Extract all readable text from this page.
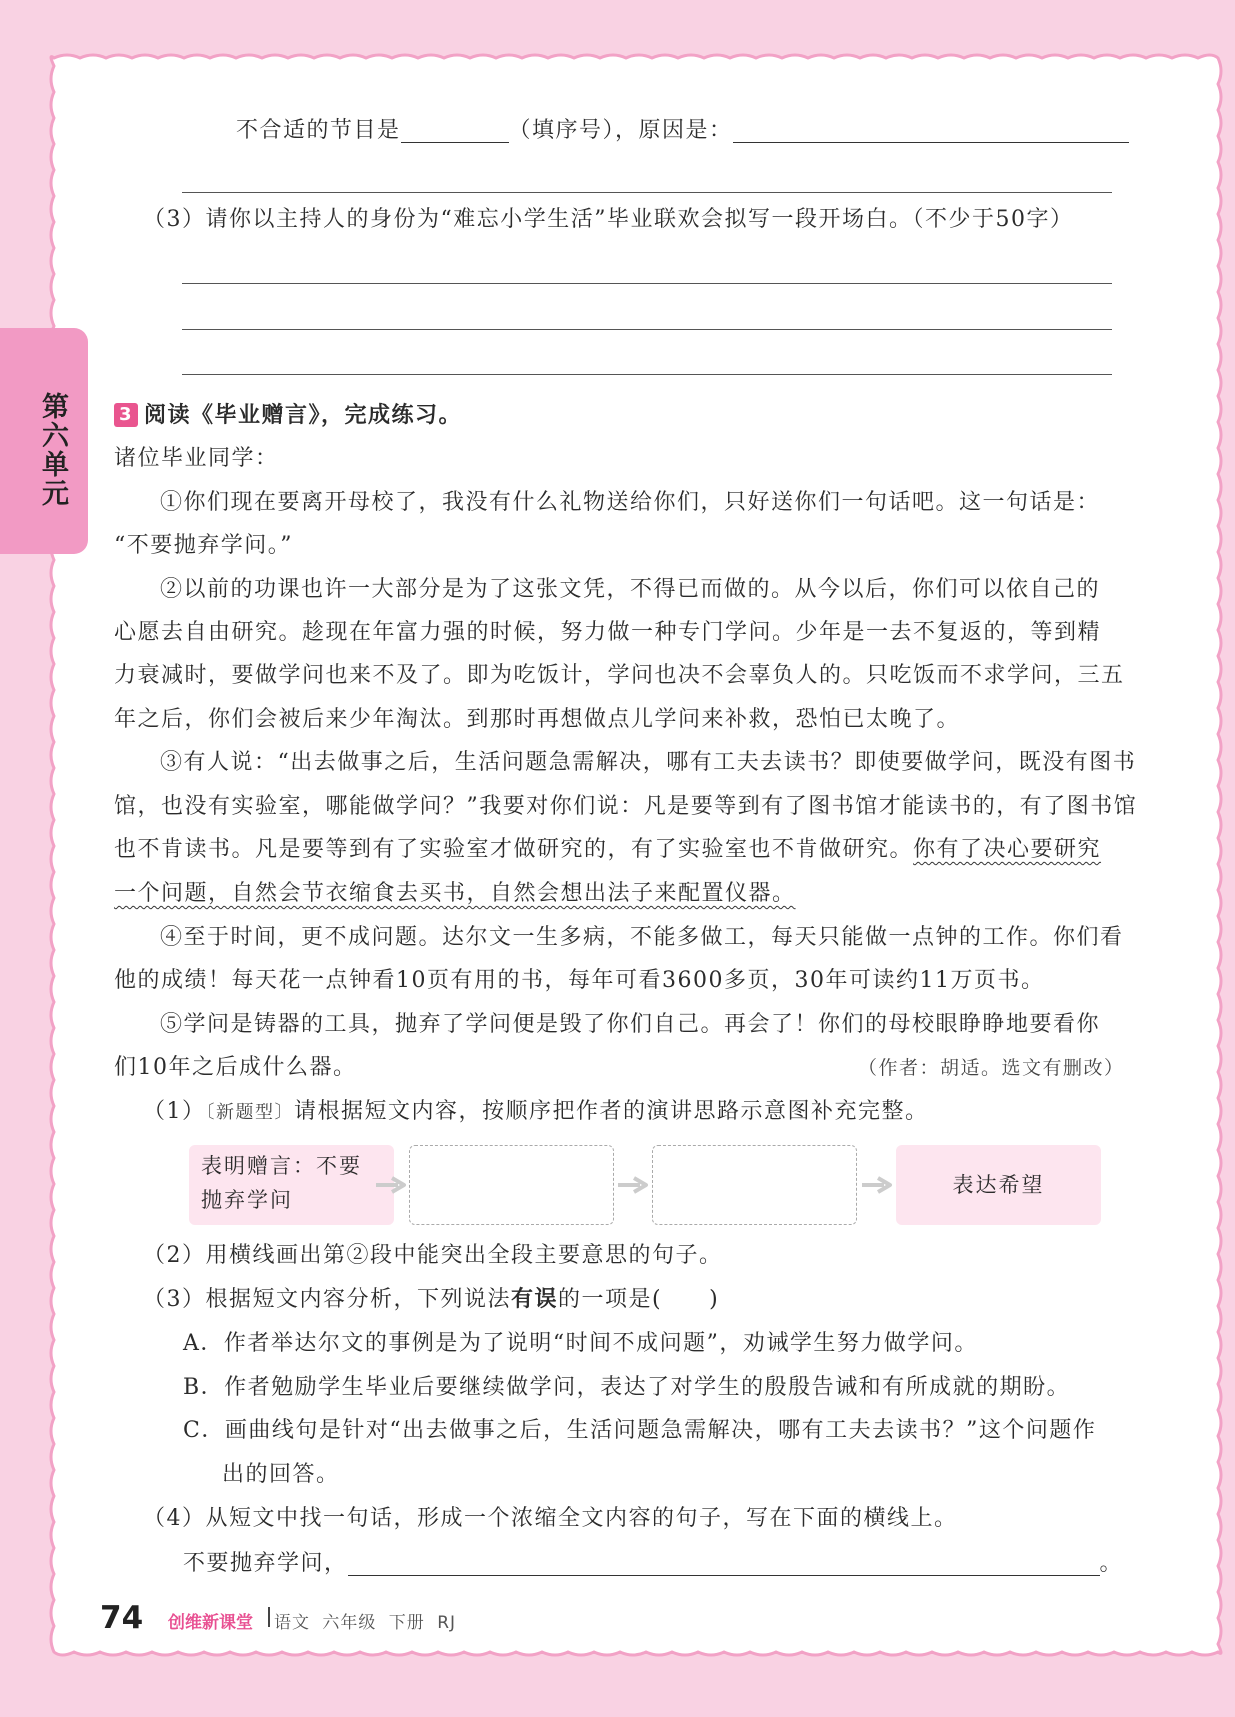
第六单元
不合适的节目是	（填序号），原因是：
（3）请你以主持人的身份为“难忘小学生活”毕业联欢会拟写一段开场白。（不少于50字）
3 阅读《毕业赠言》，完成练习。
诸位毕业同学：
①你们现在要离开母校了，我没有什么礼物送给你们，只好送你们一句话吧。这一句话是：
“不要抛弃学问。”
②以前的功课也许一大部分是为了这张文凭，不得已而做的。从今以后，你们可以依自己的
心愿去自由研究。趁现在年富力强的时候，努力做一种专门学问。少年是一去不复返的，等到精
力衰减时，要做学问也来不及了。即为吃饭计，学问也决不会辜负人的。只吃饭而不求学问，三五
年之后，你们会被后来少年淘汰。到那时再想做点儿学问来补救，恐怕已太晚了。
③有人说：“出去做事之后，生活问题急需解决，哪有工夫去读书？即使要做学问，既没有图书
馆，也没有实验室，哪能做学问？”我要对你们说：凡是要等到有了图书馆才能读书的，有了图书馆
也不肯读书。凡是要等到有了实验室才做研究的，有了实验室也不肯做研究。你有了决心要研究
一个问题，自然会节衣缩食去买书，自然会想出法子来配置仪器。
④至于时间，更不成问题。达尔文一生多病，不能多做工，每天只能做一点钟的工作。你们看
他的成绩！每天花一点钟看10页有用的书，每年可看3600多页，30年可读约11万页书。
⑤学问是铸器的工具，抛弃了学问便是毁了你们自己。再会了！你们的母校眼睁睁地要看你
们10年之后成什么器。	（作者：胡适。选文有删改）
（1）〔新题型〕请根据短文内容，按顺序把作者的演讲思路示意图补充完整。
表明赠言：不要
抛弃学问
表达希望
（2）用横线画出第②段中能突出全段主要意思的句子。
（3）根据短文内容分析，下列说法有误的一项是(　　)
A．作者举达尔文的事例是为了说明“时间不成问题”，劝诫学生努力做学问。
B．作者勉励学生毕业后要继续做学问，表达了对学生的殷殷告诫和有所成就的期盼。
C．画曲线句是针对“出去做事之后，生活问题急需解决，哪有工夫去读书？”这个问题作
出的回答。
（4）从短文中找一句话，形成一个浓缩全文内容的句子，写在下面的横线上。
不要抛弃学问，	。
74 创维新课堂 语文 六年级 下册 RJ
